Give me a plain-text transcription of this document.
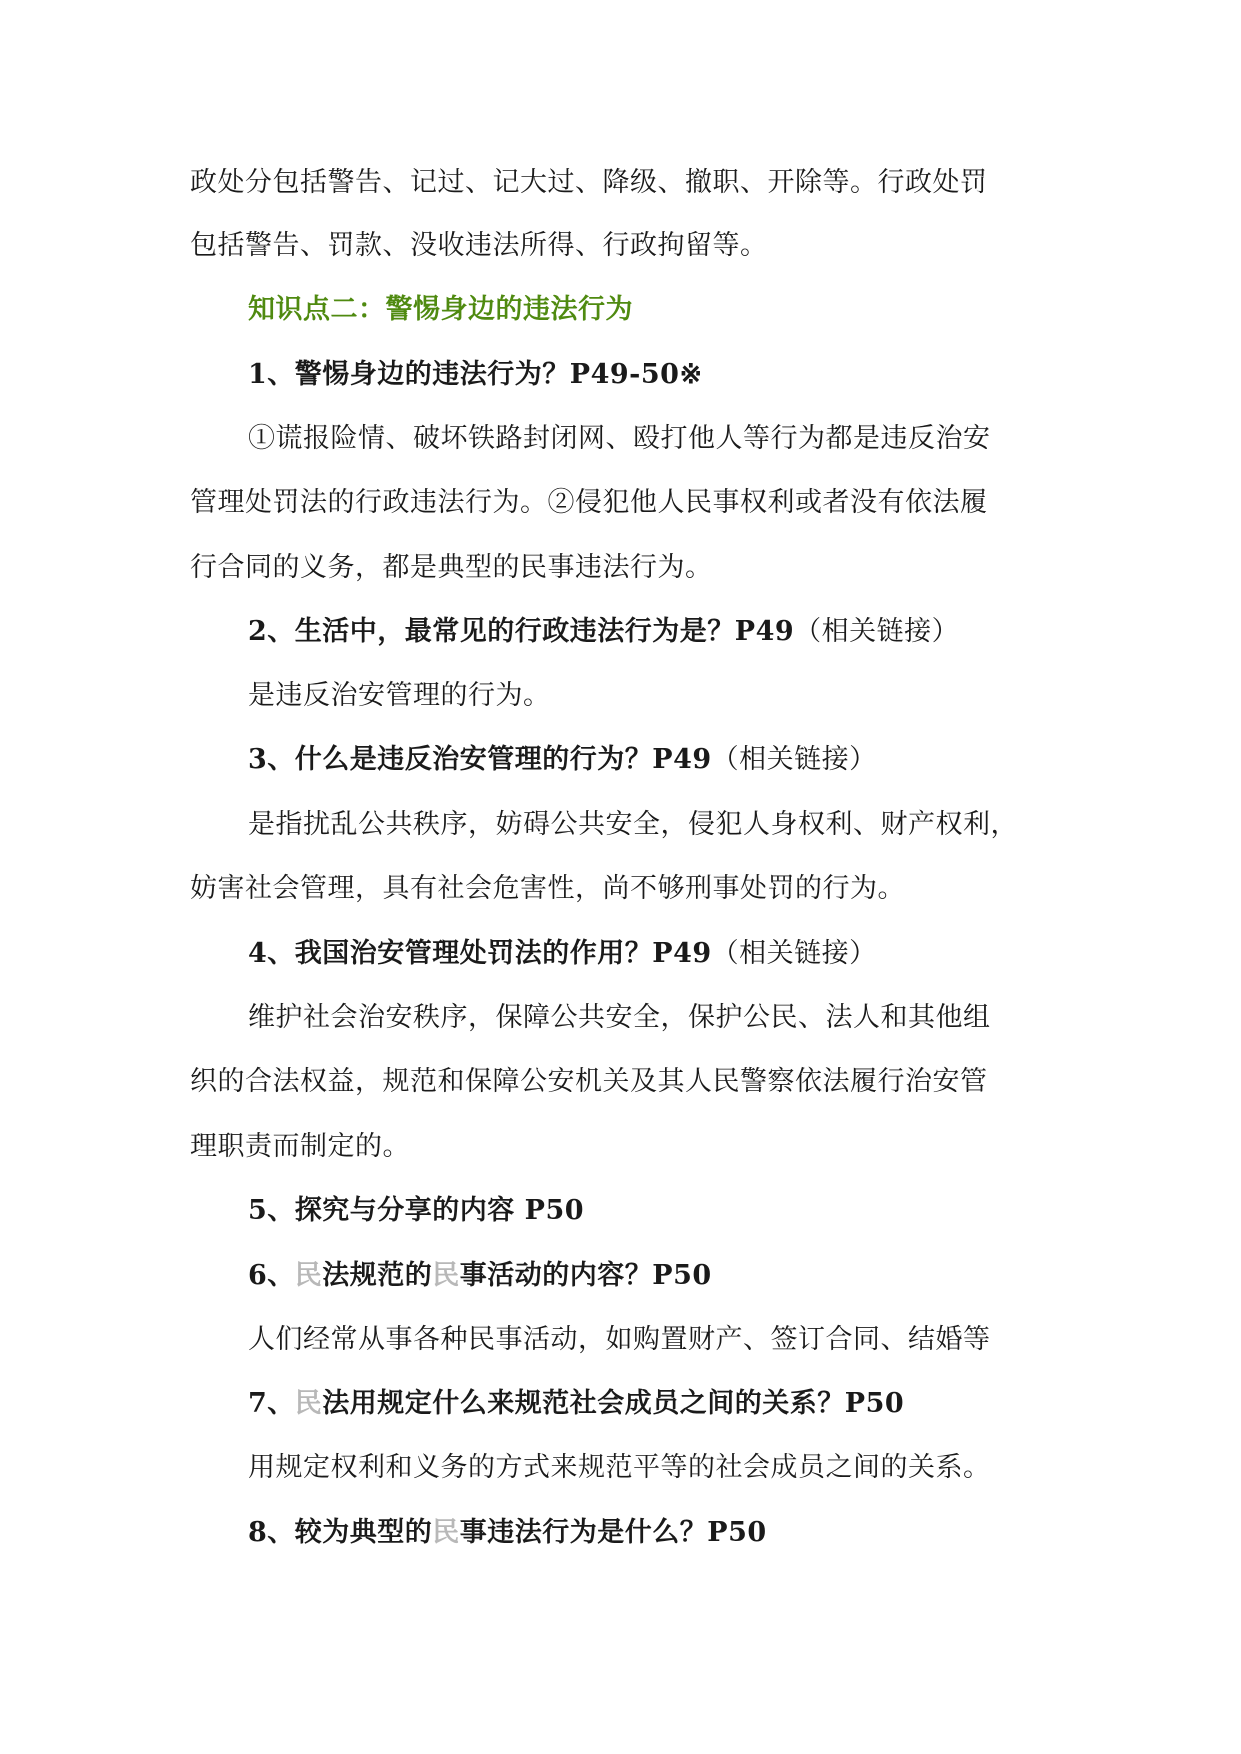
政处分包括警告、记过、记大过、降级、撤职、开除等。行政处罚
包括警告、罚款、没收违法所得、行政拘留等。
知识点二：警惕身边的违法行为
1、警惕身边的违法行为？P49-50※
①谎报险情、破坏铁路封闭网、殴打他人等行为都是违反治安
管理处罚法的行政违法行为。②侵犯他人民事权利或者没有依法履
行合同的义务，都是典型的民事违法行为。
2、生活中，最常见的行政违法行为是？P49（相关链接）
是违反治安管理的行为。
3、什么是违反治安管理的行为？P49（相关链接）
是指扰乱公共秩序，妨碍公共安全，侵犯人身权利、财产权利，
妨害社会管理，具有社会危害性，尚不够刑事处罚的行为。
4、我国治安管理处罚法的作用？P49（相关链接）
维护社会治安秩序，保障公共安全，保护公民、法人和其他组
织的合法权益，规范和保障公安机关及其人民警察依法履行治安管
理职责而制定的。
5、探究与分享的内容 P50
6、民法规范的民事活动的内容？P50
人们经常从事各种民事活动，如购置财产、签订合同、结婚等
7、民法用规定什么来规范社会成员之间的关系？P50
用规定权利和义务的方式来规范平等的社会成员之间的关系。
8、较为典型的民事违法行为是什么？P50
